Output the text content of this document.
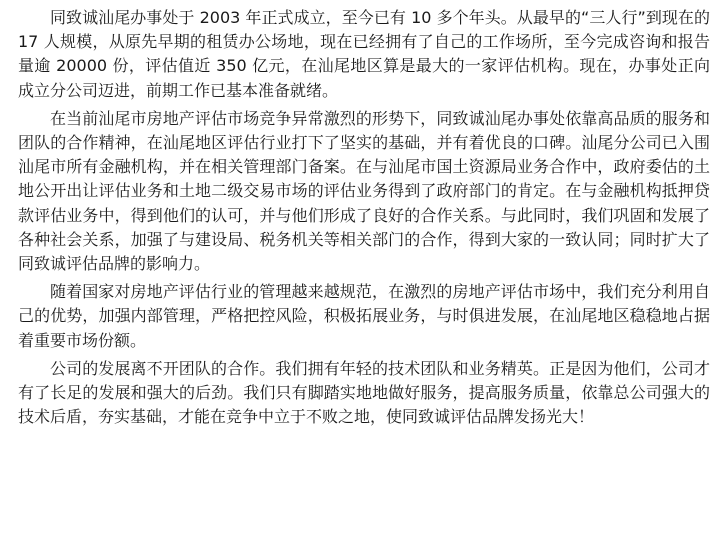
同致诚汕尾办事处于 2003 年正式成立，至今已有 10 多个年头。从最早的“三人行”到现在的 17 人规模，从原先早期的租赁办公场地，现在已经拥有了自己的工作场所，至今完成咨询和报告量逾 20000 份，评估值近 350 亿元，在汕尾地区算是最大的一家评估机构。现在，办事处正向成立分公司迈进，前期工作已基本准备就绪。

在当前汕尾市房地产评估市场竞争异常激烈的形势下，同致诚汕尾办事处依靠高品质的服务和团队的合作精神，在汕尾地区评估行业打下了坚实的基础，并有着优良的口碑。汕尾分公司已入围汕尾市所有金融机构，并在相关管理部门备案。在与汕尾市国土资源局业务合作中，政府委估的土地公开出让评估业务和土地二级交易市场的评估业务得到了政府部门的肯定。在与金融机构抵押贷款评估业务中，得到他们的认可，并与他们形成了良好的合作关系。与此同时，我们巩固和发展了各种社会关系，加强了与建设局、税务机关等相关部门的合作，得到大家的一致认同；同时扩大了同致诚评估品牌的影响力。

随着国家对房地产评估行业的管理越来越规范，在激烈的房地产评估市场中，我们充分利用自己的优势，加强内部管理，严格把控风险，积极拓展业务，与时俱进发展，在汕尾地区稳稳地占据着重要市场份额。

公司的发展离不开团队的合作。我们拥有年轻的技术团队和业务精英。正是因为他们，公司才有了长足的发展和强大的后劲。我们只有脚踏实地地做好服务，提高服务质量，依靠总公司强大的技术后盾，夯实基础，才能在竞争中立于不败之地，使同致诚评估品牌发扬光大！
